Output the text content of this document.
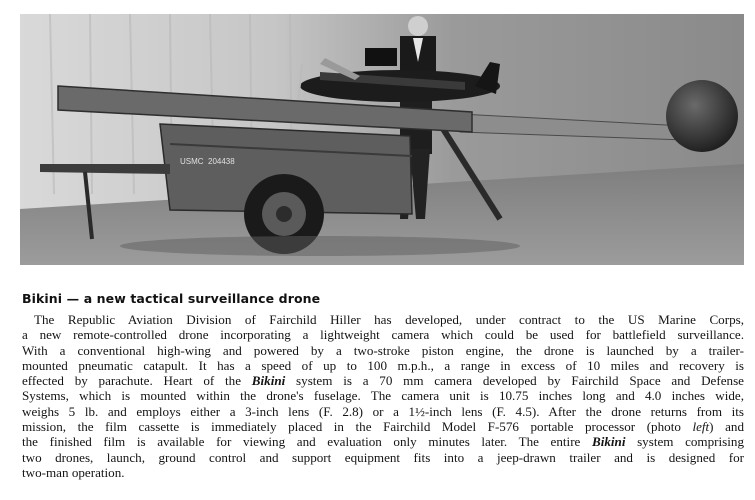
USMC 204438
Bikini — a new tactical surveillance drone

The Republic Aviation Division of Fairchild Hiller has developed, under contract to the US Marine Corps,
a new remote-controlled drone incorporating a lightweight camera which could be used for battlefield surveillance.
With a conventional high-wing and powered by a two-stroke piston engine, the drone is launched by a trailer-
mounted pneumatic catapult. It has a speed of up to 100 m.p.h., a range in excess of 10 miles and recovery is
effected by parachute. Heart of the Bikini system is a 70 mm camera developed by Fairchild Space and Defense
Systems, which is mounted within the drone's fuselage. The camera unit is 10.75 inches long and 4.0 inches wide,
weighs 5 lb. and employs either a 3-inch lens (F. 2.8) or a 1½-inch lens (F. 4.5). After the drone returns from its
mission, the film cassette is immediately placed in the Fairchild Model F-576 portable processor (photo left) and
the finished film is available for viewing and evaluation only minutes later. The entire Bikini system comprising
two drones, launch, ground control and support equipment fits into a jeep-drawn trailer and is designed for
two-man operation.
